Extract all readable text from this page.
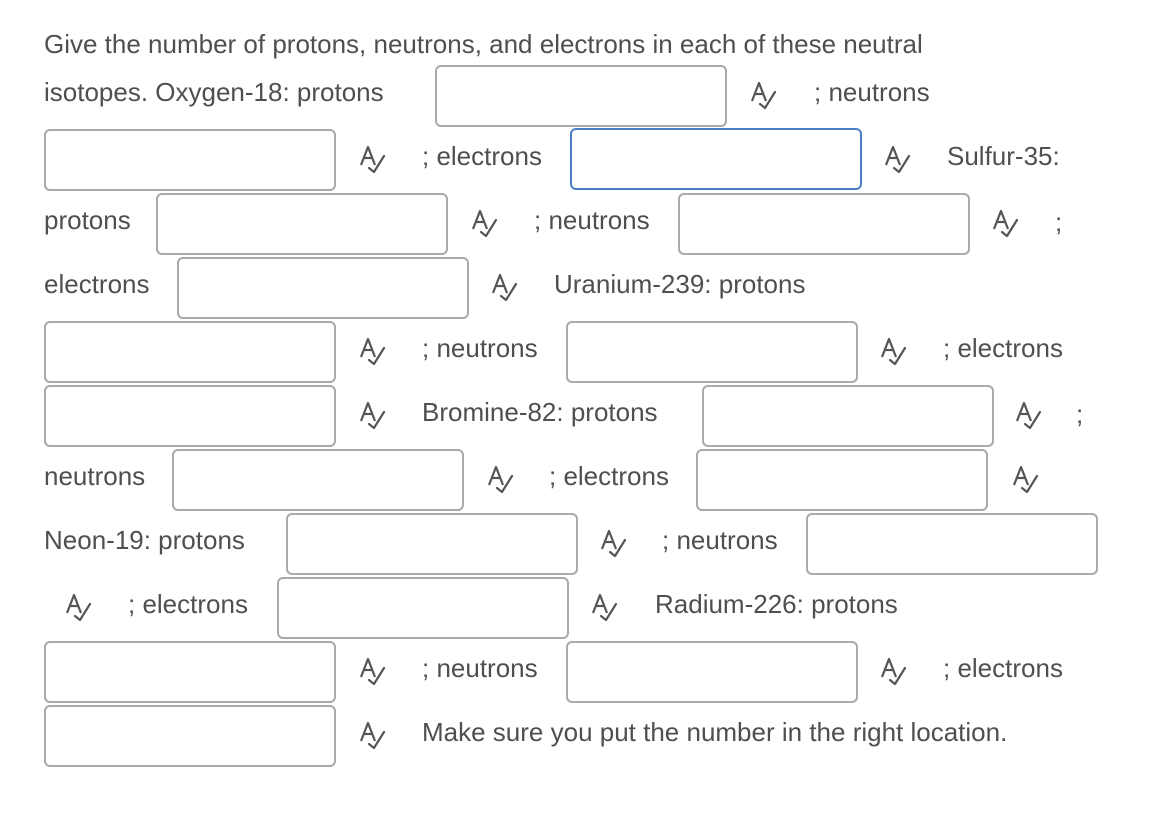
Give the number of protons, neutrons, and electrons in each of these neutral
isotopes. Oxygen-18: protons	; neutrons
; electrons	Sulfur-35:
protons	; neutrons	;
electrons	Uranium-239: protons
; neutrons	; electrons
Bromine-82: protons	;
neutrons	; electrons
Neon-19: protons	; neutrons
; electrons	Radium-226: protons
; neutrons	; electrons
Make sure you put the number in the right location.
